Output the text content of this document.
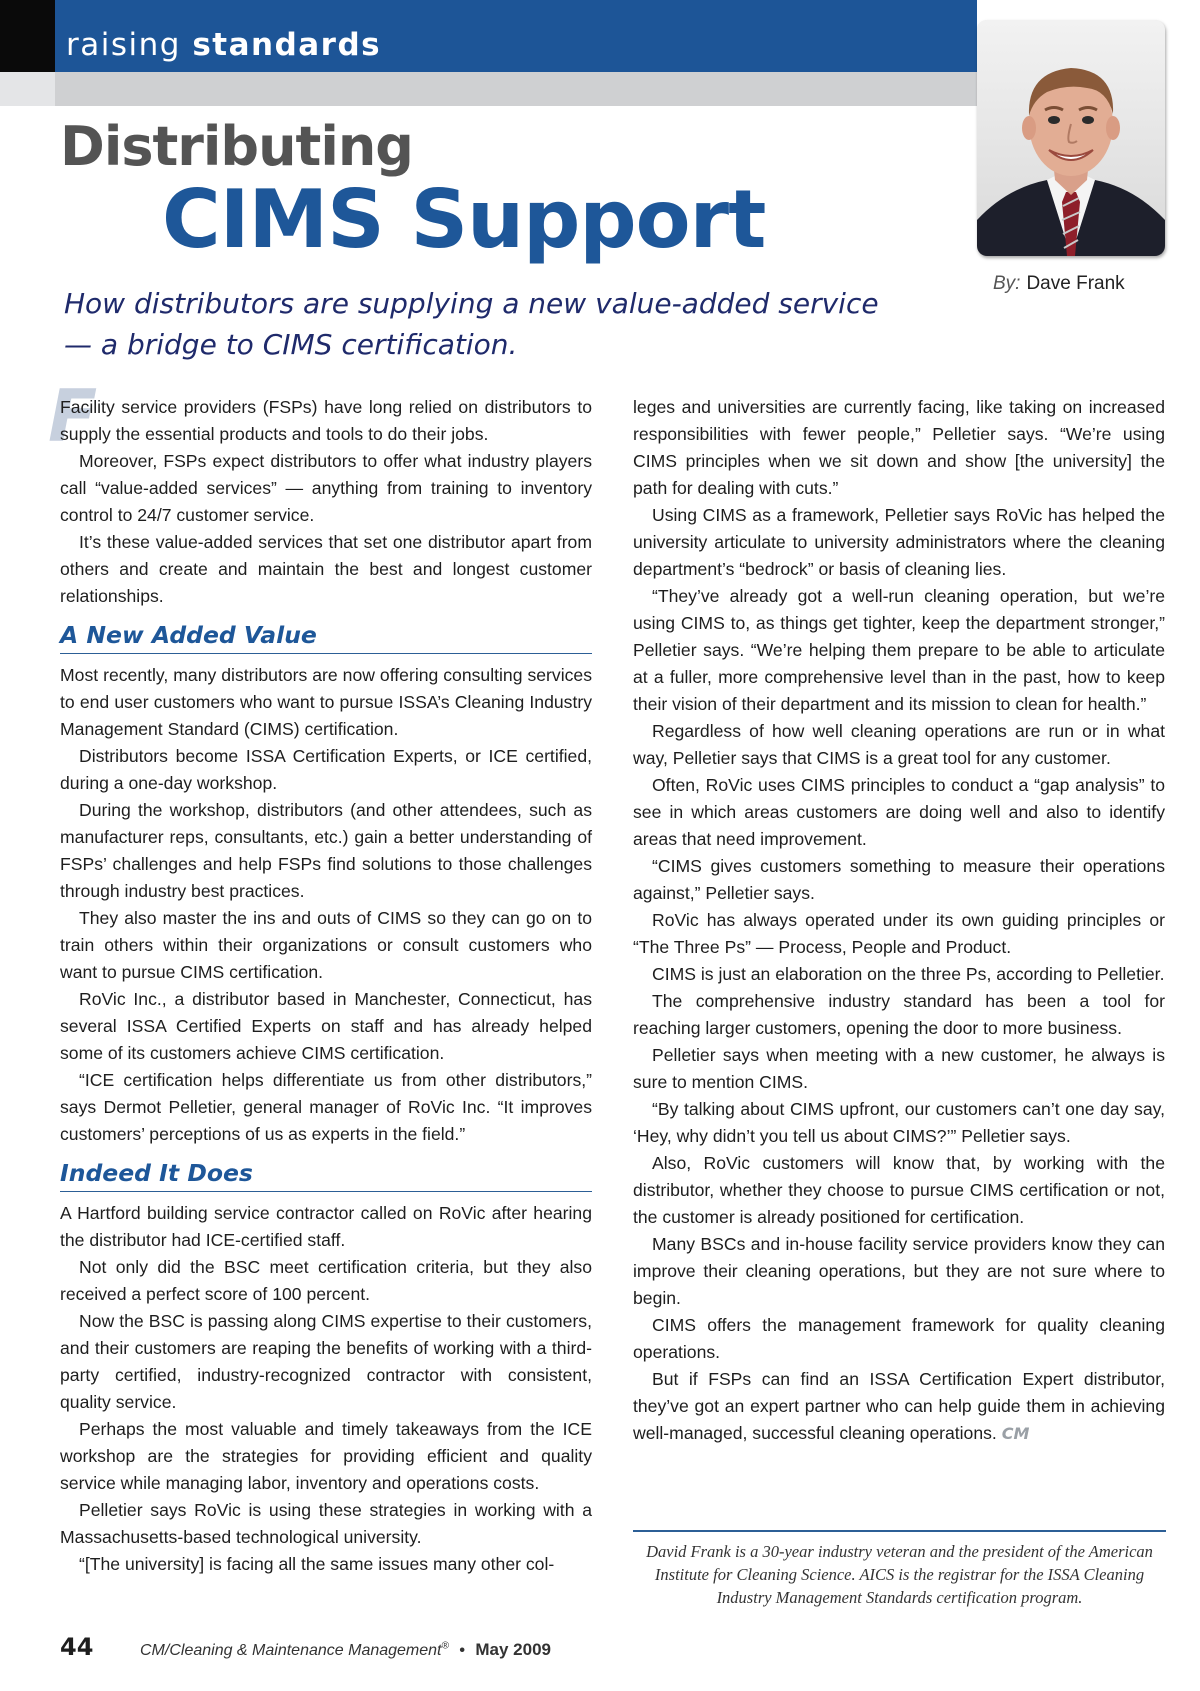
raising standards
Distributing
CIMS Support

How distributors are supplying a new value-added service — a bridge to CIMS certification.

By: Dave Frank
F

Facility service providers (FSPs) have long relied on distributors to supply the essential products and tools to do their jobs.

Moreover, FSPs expect distributors to offer what industry players call “value-added services” — anything from training to inventory control to 24/7 customer service.

It’s these value-added services that set one distributor apart from others and create and maintain the best and longest customer relationships.

A New Added Value

Most recently, many distributors are now offering consulting services to end user customers who want to pursue ISSA’s Cleaning Industry Management Standard (CIMS) certification.

Distributors become ISSA Certification Experts, or ICE certified, during a one-day workshop.

During the workshop, distributors (and other attendees, such as manufacturer reps, consultants, etc.) gain a better understanding of FSPs’ challenges and help FSPs find solutions to those challenges through industry best practices.

They also master the ins and outs of CIMS so they can go on to train others within their organizations or consult customers who want to pursue CIMS certification.

RoVic Inc., a distributor based in Manchester, Connecticut, has several ISSA Certified Experts on staff and has already helped some of its customers achieve CIMS certification.

“ICE certification helps differentiate us from other distributors,” says Dermot Pelletier, general manager of RoVic Inc. “It improves customers’ perceptions of us as experts in the field.”

Indeed It Does

A Hartford building service contractor called on RoVic after hearing the distributor had ICE-certified staff.

Not only did the BSC meet certification criteria, but they also received a perfect score of 100 percent.

Now the BSC is passing along CIMS expertise to their customers, and their customers are reaping the benefits of working with a third-party certified, industry-recognized contractor with consistent, quality service.

Perhaps the most valuable and timely takeaways from the ICE workshop are the strategies for providing efficient and quality service while managing labor, inventory and operations costs.

Pelletier says RoVic is using these strategies in working with a Massachusetts-based technological university.

“[The university] is facing all the same issues many other col-

leges and universities are currently facing, like taking on increased responsibilities with fewer people,” Pelletier says. “We’re using CIMS principles when we sit down and show [the university] the path for dealing with cuts.”

Using CIMS as a framework, Pelletier says RoVic has helped the university articulate to university administrators where the cleaning department’s “bedrock” or basis of cleaning lies.

“They’ve already got a well-run cleaning operation, but we’re using CIMS to, as things get tighter, keep the department stronger,” Pelletier says. “We’re helping them prepare to be able to articulate at a fuller, more comprehensive level than in the past, how to keep their vision of their department and its mission to clean for health.”

Regardless of how well cleaning operations are run or in what way, Pelletier says that CIMS is a great tool for any customer.

Often, RoVic uses CIMS principles to conduct a “gap analysis” to see in which areas customers are doing well and also to identify areas that need improvement.

“CIMS gives customers something to measure their operations against,” Pelletier says.

RoVic has always operated under its own guiding principles or “The Three Ps” — Process, People and Product.

CIMS is just an elaboration on the three Ps, according to Pelletier.

The comprehensive industry standard has been a tool for reaching larger customers, opening the door to more business.

Pelletier says when meeting with a new customer, he always is sure to mention CIMS.

“By talking about CIMS upfront, our customers can’t one day say, ‘Hey, why didn’t you tell us about CIMS?’” Pelletier says.

Also, RoVic customers will know that, by working with the distributor, whether they choose to pursue CIMS certification or not, the customer is already positioned for certification.

Many BSCs and in-house facility service providers know they can improve their cleaning operations, but they are not sure where to begin.

CIMS offers the management framework for quality cleaning operations.

But if FSPs can find an ISSA Certification Expert distributor, they’ve got an expert partner who can help guide them in achieving well-managed, successful cleaning operations. CM

David Frank is a 30-year industry veteran and the president of the American Institute for Cleaning Science. AICS is the registrar for the ISSA Cleaning Industry Management Standards certification program.

44	CM/Cleaning & Maintenance Management® • May 2009
